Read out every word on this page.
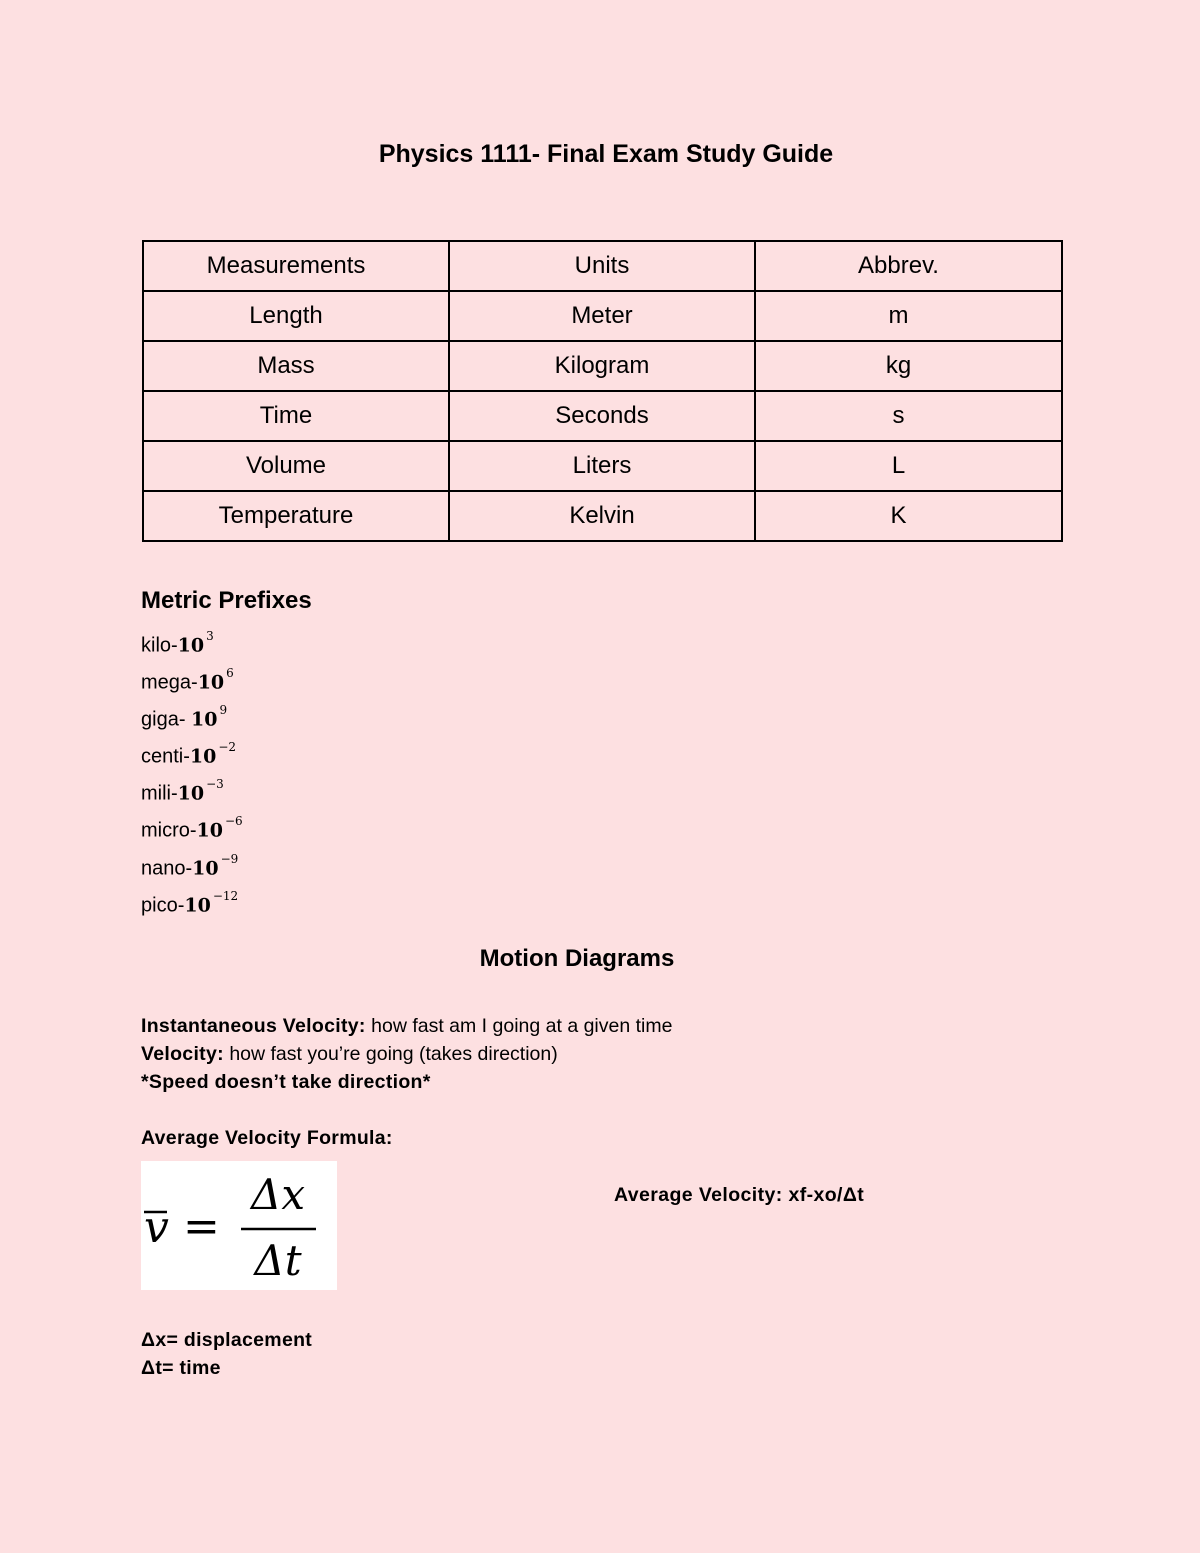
Physics 1111- Final Exam Study Guide
Measurements	Units	Abbrev.
Length	Meter	m
Mass	Kilogram	kg
Time	Seconds	s
Volume	Liters	L
Temperature	Kelvin	K
Metric Prefixes
kilo-10 $^3$
mega-10 $^6$
giga- 10 $^9$
centi-10 $^{-2}$
mili-10 $^{-3}$
micro-10 $^{-6}$
nano-10 $^{-9}$
pico-10 $^{-12}$
Motion Diagrams
Instantaneous Velocity: how fast am I going at a given time
Velocity: how fast you’re going (takes direction)
*Speed doesn’t take direction*
Average Velocity Formula:
v =
Δx
Δt
Average Velocity: xf-xo/Δt
Δx= displacement
Δt= time
